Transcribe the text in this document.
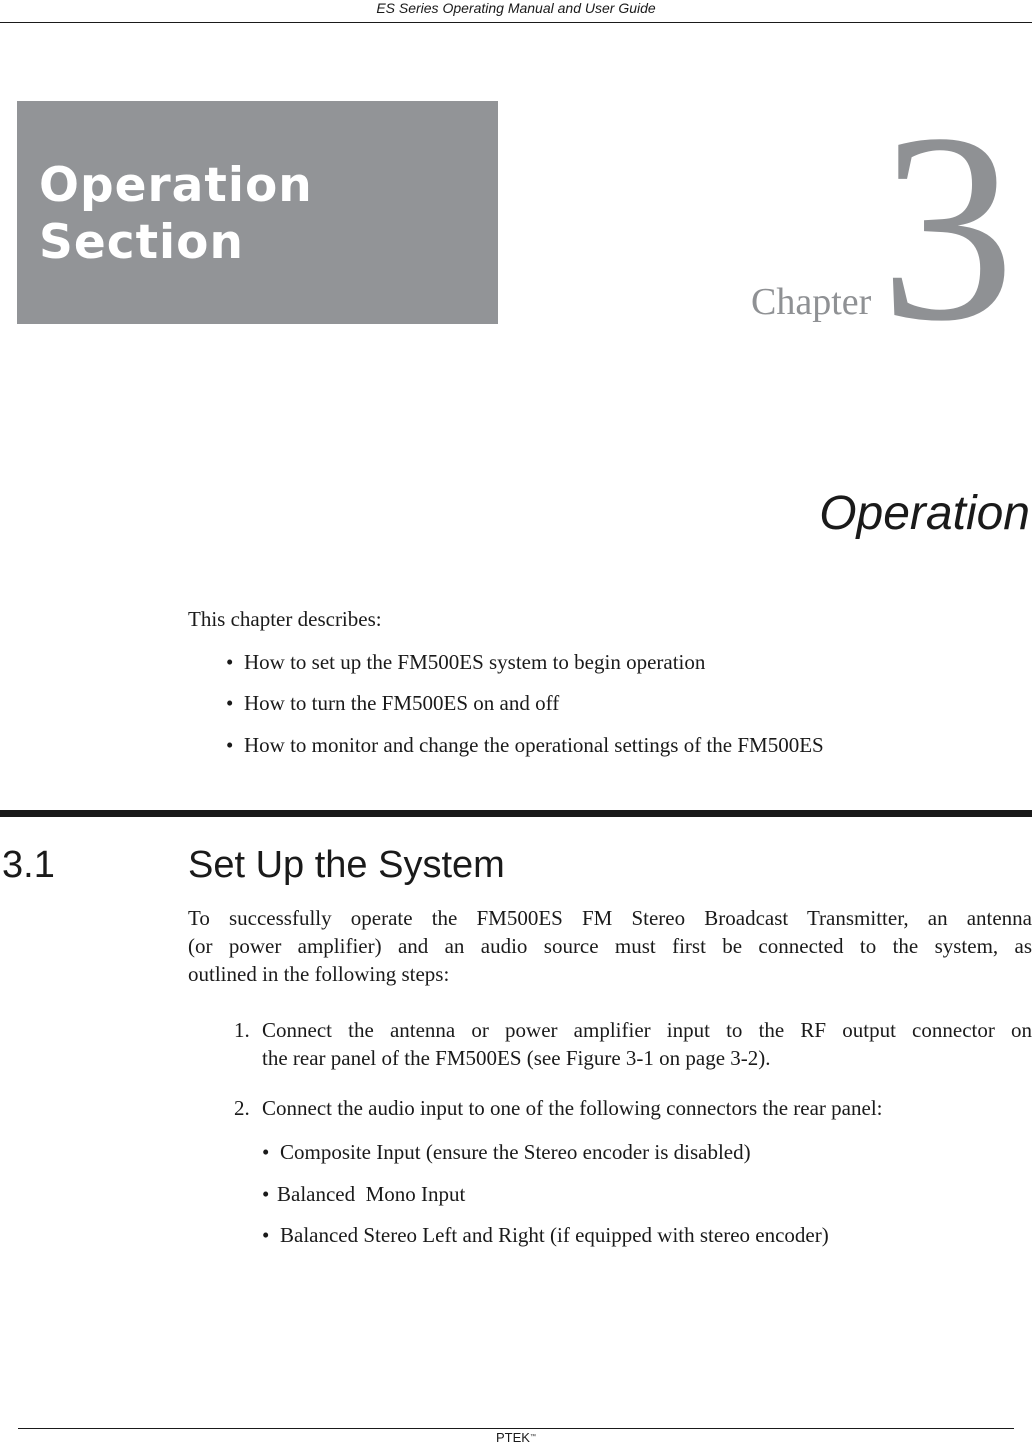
ES Series Operating Manual and User Guide
Operation
Section
Chapter 3
Operation
This chapter describes:
• How to set up the FM500ES system to begin operation
• How to turn the FM500ES on and off
• How to monitor and change the operational settings of the FM500ES
3.1	Set Up the System
To successfully operate the FM500ES FM Stereo Broadcast Transmitter, an antenna
(or power amplifier) and an audio source must first be connected to the system, as
outlined in the following steps:
1. Connect the antenna or power amplifier input to the RF output connector on
the rear panel of the FM500ES (see Figure 3-1 on page 3-2).
2. Connect the audio input to one of the following connectors the rear panel:
• Composite Input (ensure the Stereo encoder is disabled)
• Balanced  Mono Input
• Balanced Stereo Left and Right (if equipped with stereo encoder)
PTEK™
